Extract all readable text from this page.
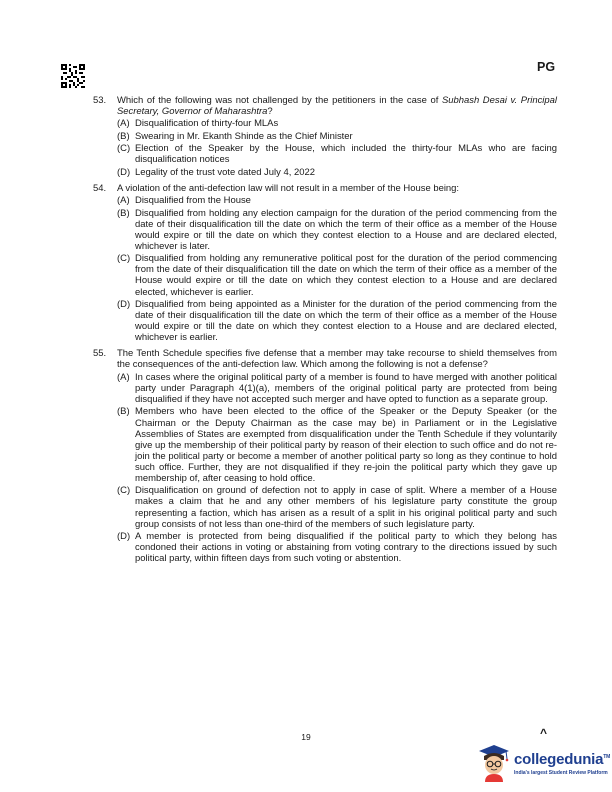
PG
53.	Which of the following was not challenged by the petitioners in the case of Subhash Desai v. Principal Secretary, Governor of Maharashtra?
(A) Disqualification of thirty-four MLAs
(B) Swearing in Mr. Ekanth Shinde as the Chief Minister
(C) Election of the Speaker by the House, which included the thirty-four MLAs who are facing disqualification notices
(D) Legality of the trust vote dated July 4, 2022
54.	A violation of the anti-defection law will not result in a member of the House being:
(A) Disqualified from the House
(B) Disqualified from holding any election campaign for the duration of the period commencing from the date of their disqualification till the date on which the term of their office as a member of the House would expire or till the date on which they contest election to a House and are declared elected, whichever is later.
(C) Disqualified from holding any remunerative political post for the duration of the period commencing from the date of their disqualification till the date on which the term of their office as a member of the House would expire or till the date on which they contest election to a House and are declared elected, whichever is earlier.
(D) Disqualified from being appointed as a Minister for the duration of the period commencing from the date of their disqualification till the date on which the term of their office as a member of the House would expire or till the date on which they contest election to a House and are declared elected, whichever is earlier.
55.	The Tenth Schedule specifies five defense that a member may take recourse to shield themselves from the consequences of the anti-defection law. Which among the following is not a defense?
(A) In cases where the original political party of a member is found to have merged with another political party under Paragraph 4(1)(a), members of the original political party are protected from being disqualified if they have not accepted such merger and have opted to function as a separate group.
(B) Members who have been elected to the office of the Speaker or the Deputy Speaker (or the Chairman or the Deputy Chairman as the case may be) in Parliament or in the Legislative Assemblies of States are exempted from disqualification under the Tenth Schedule if they voluntarily give up the membership of their political party by reason of their election to such office and do not re-join the political party or become a member of another political party so long as they continue to hold such office. Further, they are not disqualified if they re-join the political party which they gave up membership of, after ceasing to hold office.
(C) Disqualification on ground of defection not to apply in case of split. Where a member of a House makes a claim that he and any other members of his legislature party constitute the group representing a faction, which has arisen as a result of a split in his original political party and such group consists of not less than one-third of the members of such legislature party.
(D) A member is protected from being disqualified if the political party to which they belong has condoned their actions in voting or abstaining from voting contrary to the directions issued by such political party, within fifteen days from such voting or abstention.
19	^
collegedunia™
India's largest Student Review Platform
